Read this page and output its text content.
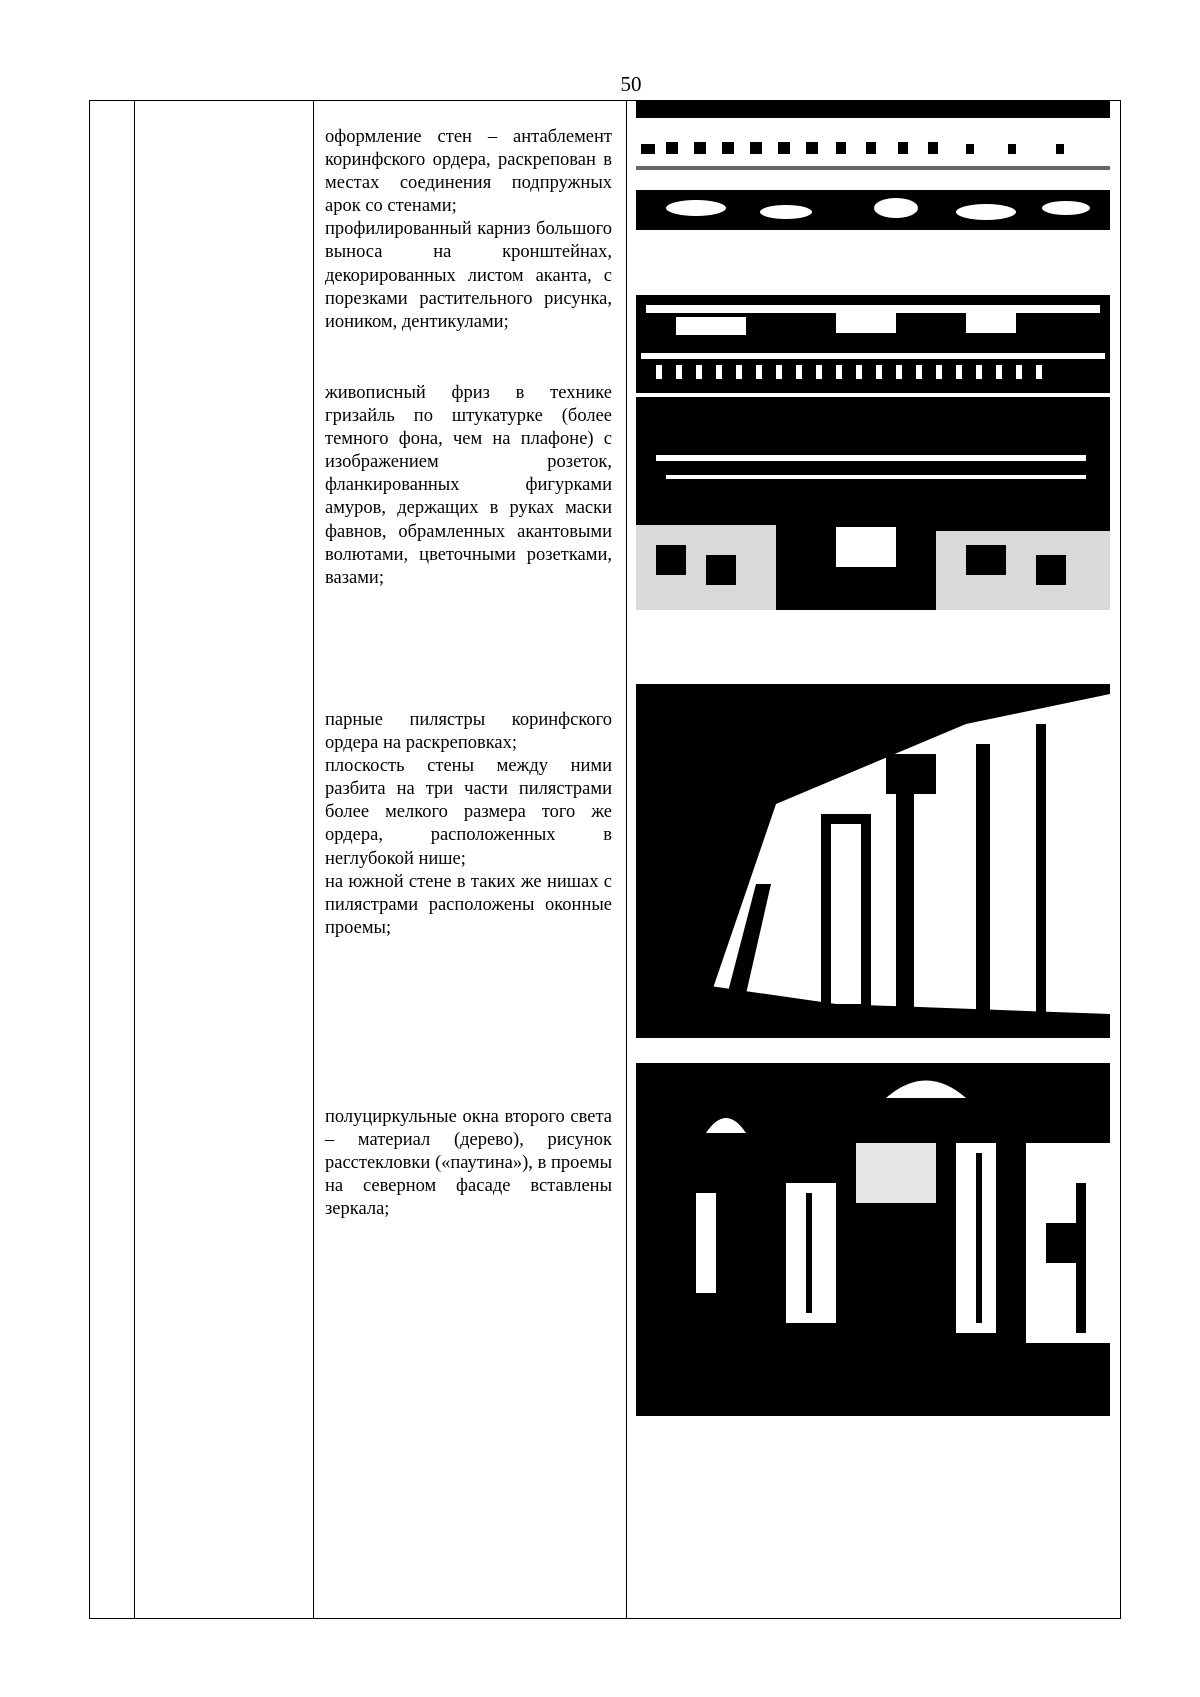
50

оформление стен – антаблемент коринфского ордера, раскрепован в местах соединения подпружных арок со стенами;

профилированный карниз большого выноса на кронштейнах, декорированных листом аканта, с порезками растительного рисунка, иоником, дентикулами;

живописный фриз в технике гризайль по штукатурке (более темного фона, чем на плафоне) с изображением розеток, фланкированных фигурками амуров, держащих в руках маски фавнов, обрамленных акантовыми волютами, цветочными розетками, вазами;

парные пилястры коринфского ордера на раскреповках;

плоскость стены между ними разбита на три части пилястрами более мелкого размера того же ордера, расположенных в неглубокой нише;

на южной стене в таких же нишах с пилястрами расположены оконные проемы;

полуциркульные окна второго света – материал (дерево), рисунок расстекловки («паутина»), в проемы на северном фасаде вставлены зеркала;
